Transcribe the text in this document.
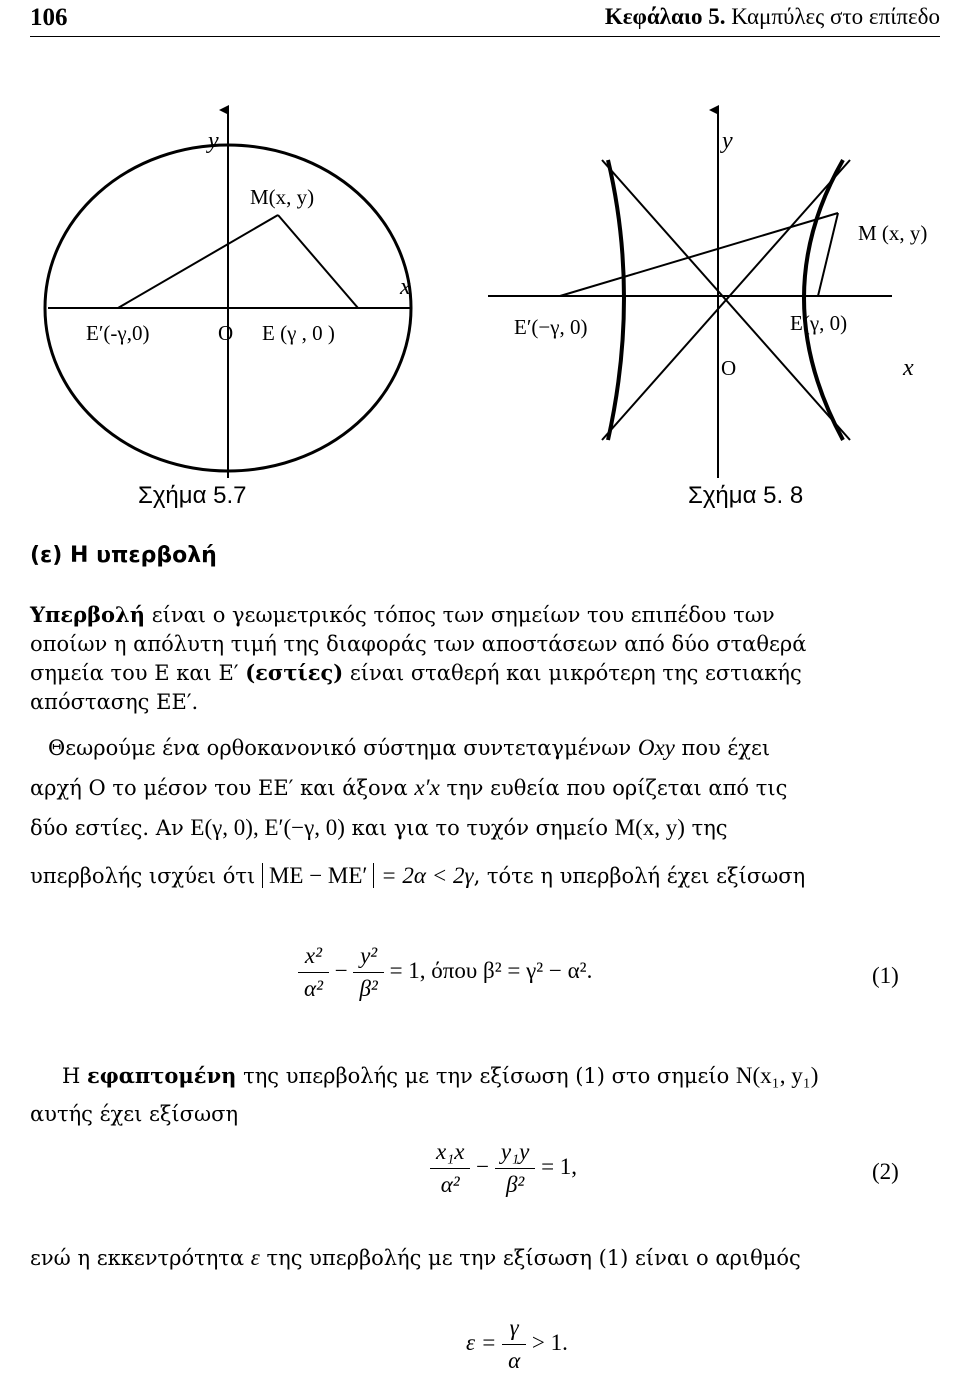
106	Κεφάλαιο 5. Καμπύλες στο επίπεδο
y
x
M(x, y)
E′(-γ,0)	O E (γ , 0 )
Σχήμα 5.7
y
x
M (x, y)
E′(−γ, 0)	E(γ, 0)
O
Σχήμα 5. 8
(ε) Η υπερβολή
Υπερβολή είναι ο γεωμετρικός τόπος των σημείων του επιπέδου των
οποίων η απόλυτη τιμή της διαφοράς των αποστάσεων από δύο σταθερά
σημεία του Ε και Ε′ (εστίες) είναι σταθερή και μικρότερη της εστιακής
απόστασης ΕΕ′.
Θεωρούμε ένα ορθοκανονικό σύστημα συντεταγμένων Oxy που έχει
αρχή Ο το μέσον του ΕΕ′ και άξονα x′x την ευθεία που ορίζεται από τις
δύο εστίες. Αν E(γ, 0), E′(−γ, 0) και για το τυχόν σημείο M(x, y) της
υπερβολής ισχύει ότι ME − ME′ = 2α < 2γ, τότε η υπερβολή έχει εξίσωση
$\frac{\text{x²}}{\text{α²}} - \frac{\text{y²}}{\text{β²}} = 1$, όπου β² = γ² − α².	(1)
Η εφαπτομένη της υπερβολής με την εξίσωση (1) στο σημείο N(x₁, y₁)
αυτής έχει εξίσωση
$\frac{\text{x₁x}}{\text{α²}} - \frac{\text{y₁y}}{\text{β²}} = 1$,	(2)
ενώ η εκκεντρότητα ε της υπερβολής με την εξίσωση (1) είναι ο αριθμός
$\varepsilon = \frac{\gamma}{\alpha} > 1$.
